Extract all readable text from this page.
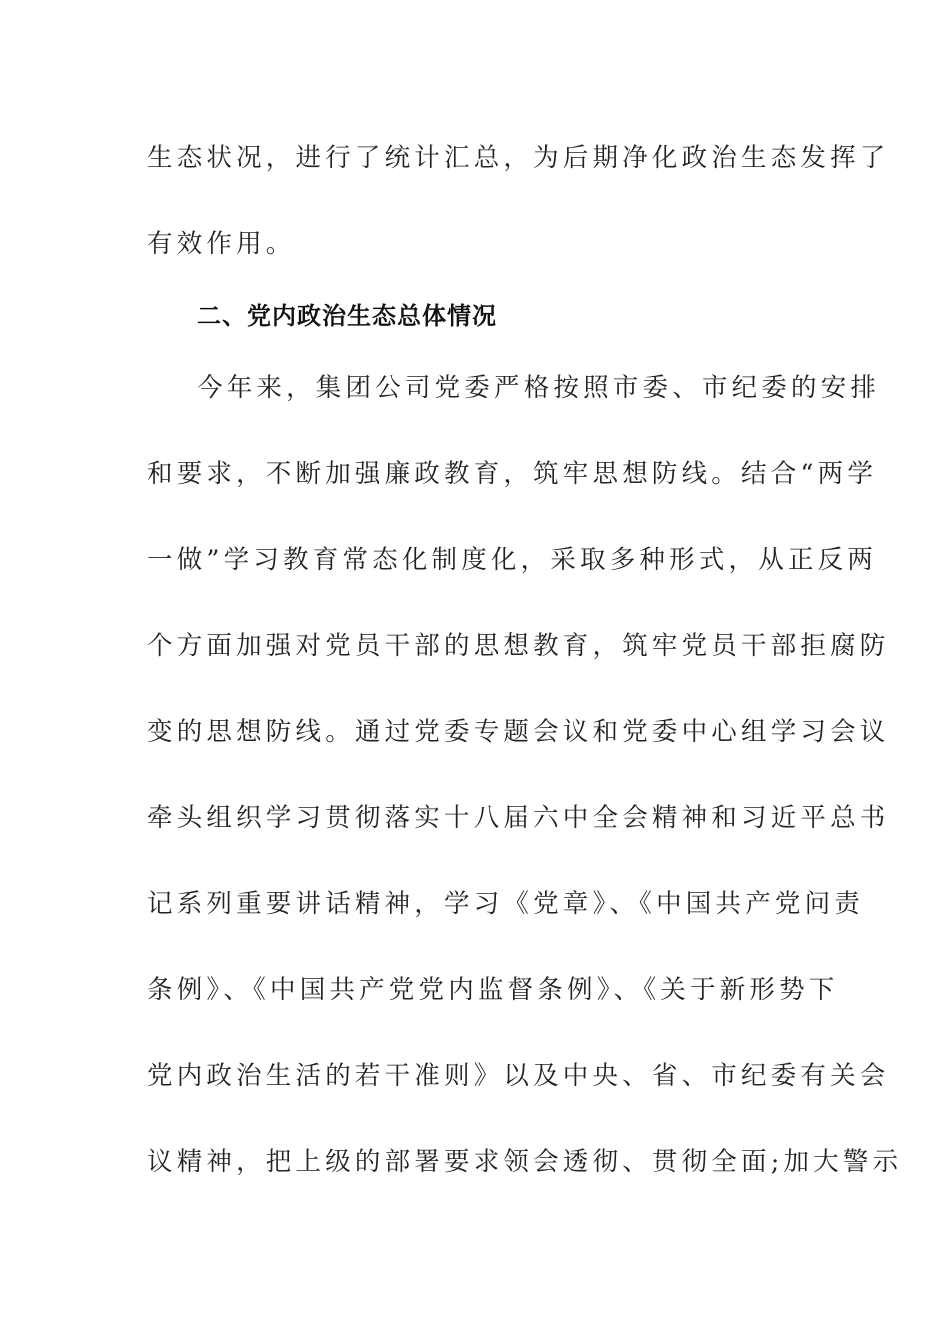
生态状况，进行了统计汇总，为后期净化政治生态发挥了
有效作用。
二、党内政治生态总体情况
今年来，集团公司党委严格按照市委、市纪委的安排
和要求，不断加强廉政教育，筑牢思想防线。结合“两学
一做”学习教育常态化制度化，采取多种形式，从正反两
个方面加强对党员干部的思想教育，筑牢党员干部拒腐防
变的思想防线。通过党委专题会议和党委中心组学习会议
牵头组织学习贯彻落实十八届六中全会精神和习近平总书
记系列重要讲话精神，学习《党章》、《中国共产党问责
条例》、《中国共产党党内监督条例》、《关于新形势下
党内政治生活的若干准则》以及中央、省、市纪委有关会
议精神，把上级的部署要求领会透彻、贯彻全面;加大警示
